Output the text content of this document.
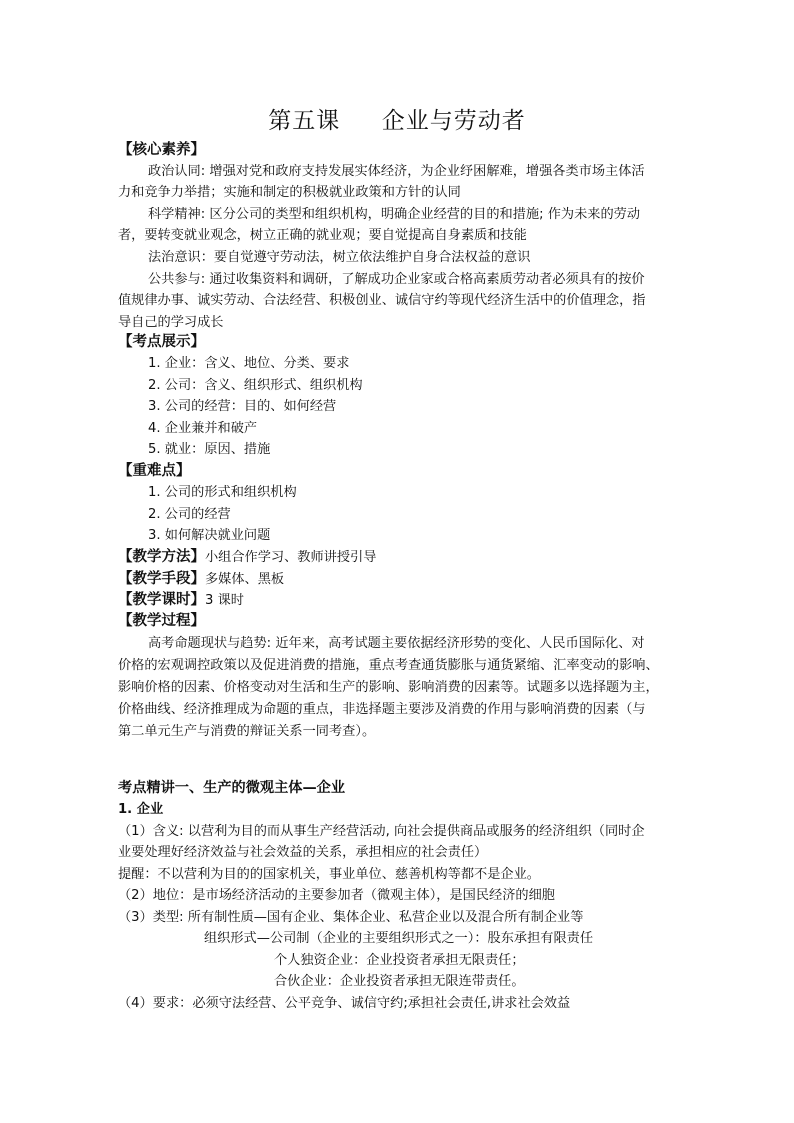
第五课     企业与劳动者
【核心素养】
政治认同: 增强对党和政府支持发展实体经济，为企业纾困解难，增强各类市场主体活
力和竞争力举措；实施和制定的积极就业政策和方针的认同
科学精神: 区分公司的类型和组织机构，明确企业经营的目的和措施; 作为未来的劳动
者，要转变就业观念，树立正确的就业观；要自觉提高自身素质和技能
法治意识：要自觉遵守劳动法，树立依法维护自身合法权益的意识
公共参与: 通过收集资料和调研，了解成功企业家或合格高素质劳动者必须具有的按价
值规律办事、诚实劳动、合法经营、积极创业、诚信守约等现代经济生活中的价值理念，指
导自己的学习成长
【考点展示】
1. 企业：含义、地位、分类、要求
2. 公司：含义、组织形式、组织机构
3. 公司的经营：目的、如何经营
4. 企业兼并和破产
5. 就业：原因、措施
【重难点】
1. 公司的形式和组织机构
2. 公司的经营
3. 如何解决就业问题
【教学方法】小组合作学习、教师讲授引导
【教学手段】多媒体、黑板
【教学课时】3 课时
【教学过程】
高考命题现状与趋势: 近年来，高考试题主要依据经济形势的变化、人民币国际化、对
价格的宏观调控政策以及促进消费的措施，重点考查通货膨胀与通货紧缩、汇率变动的影响、
影响价格的因素、价格变动对生活和生产的影响、影响消费的因素等。试题多以选择题为主，
价格曲线、经济推理成为命题的重点，非选择题主要涉及消费的作用与影响消费的因素（与
第二单元生产与消费的辩证关系一同考查）。
考点精讲一、生产的微观主体—企业
1. 企业
（1）含义: 以营利为目的而从事生产经营活动, 向社会提供商品或服务的经济组织（同时企
业要处理好经济效益与社会效益的关系，承担相应的社会责任）
提醒：不以营利为目的的国家机关，事业单位、慈善机构等都不是企业。
（2）地位：是市场经济活动的主要参加者（微观主体），是国民经济的细胞
（3）类型: 所有制性质—国有企业、集体企业、私营企业以及混合所有制企业等
组织形式—公司制（企业的主要组织形式之一）：股东承担有限责任
个人独资企业：企业投资者承担无限责任；
合伙企业：企业投资者承担无限连带责任。
（4）要求：必须守法经营、公平竞争、诚信守约;承担社会责任,讲求社会效益
